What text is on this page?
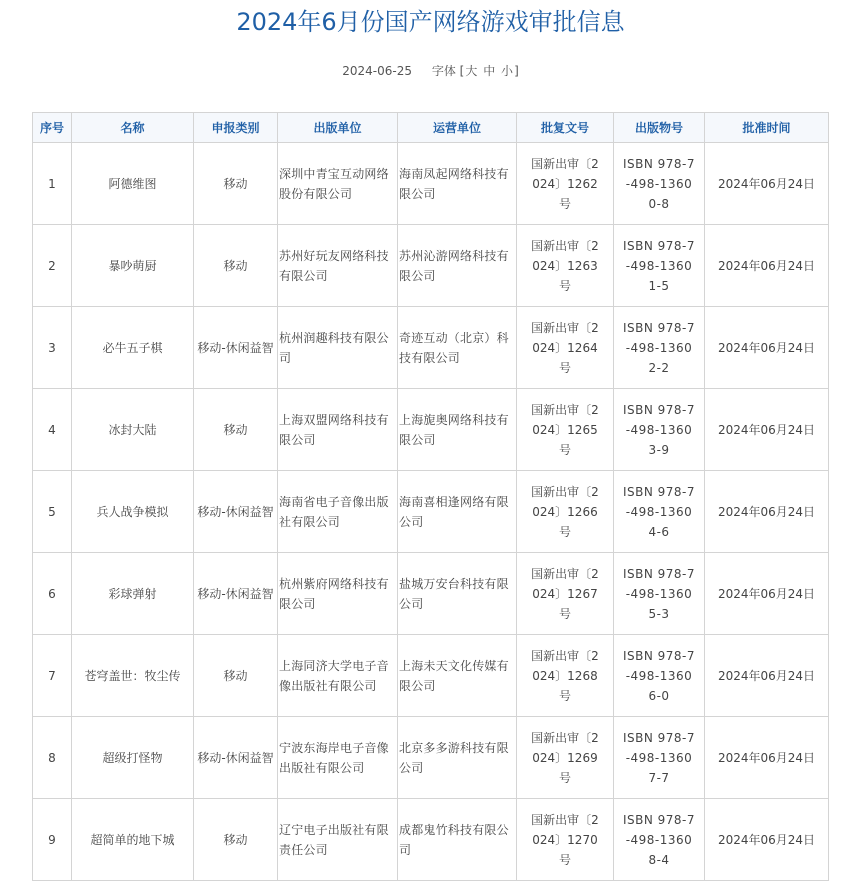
2024年6月份国产网络游戏审批信息
2024-06-25 字体 [大 中 小]
序号	名称	申报类别	出版单位	运营单位	批复文号	出版物号	批准时间

1	阿德维图	移动	深圳中青宝互动网络股份有限公司	海南凤起网络科技有限公司	国新出审〔2024〕1262号	ISBN 978-7-498-13600-8	2024年06月24日

2	暴吵萌厨	移动	苏州好玩友网络科技有限公司	苏州沁游网络科技有限公司	国新出审〔2024〕1263号	ISBN 978-7-498-13601-5	2024年06月24日

3	必牛五子棋	移动-休闲益智	杭州润趣科技有限公司	奇迹互动（北京）科技有限公司	国新出审〔2024〕1264号	ISBN 978-7-498-13602-2	2024年06月24日

4	冰封大陆	移动	上海双盟网络科技有限公司	上海旎奥网络科技有限公司	国新出审〔2024〕1265号	ISBN 978-7-498-13603-9	2024年06月24日

5	兵人战争模拟	移动-休闲益智	海南省电子音像出版社有限公司	海南喜相逢网络有限公司	国新出审〔2024〕1266号	ISBN 978-7-498-13604-6	2024年06月24日

6	彩球弹射	移动-休闲益智	杭州紫府网络科技有限公司	盐城万安台科技有限公司	国新出审〔2024〕1267号	ISBN 978-7-498-13605-3	2024年06月24日

7	苍穹盖世：牧尘传	移动	上海同济大学电子音像出版社有限公司	上海未天文化传媒有限公司	国新出审〔2024〕1268号	ISBN 978-7-498-13606-0	2024年06月24日

8	超级打怪物	移动-休闲益智	宁波东海岸电子音像出版社有限公司	北京多多游科技有限公司	国新出审〔2024〕1269号	ISBN 978-7-498-13607-7	2024年06月24日

9	超简单的地下城	移动	辽宁电子出版社有限责任公司	成都鬼竹科技有限公司	国新出审〔2024〕1270号	ISBN 978-7-498-13608-4	2024年06月24日
